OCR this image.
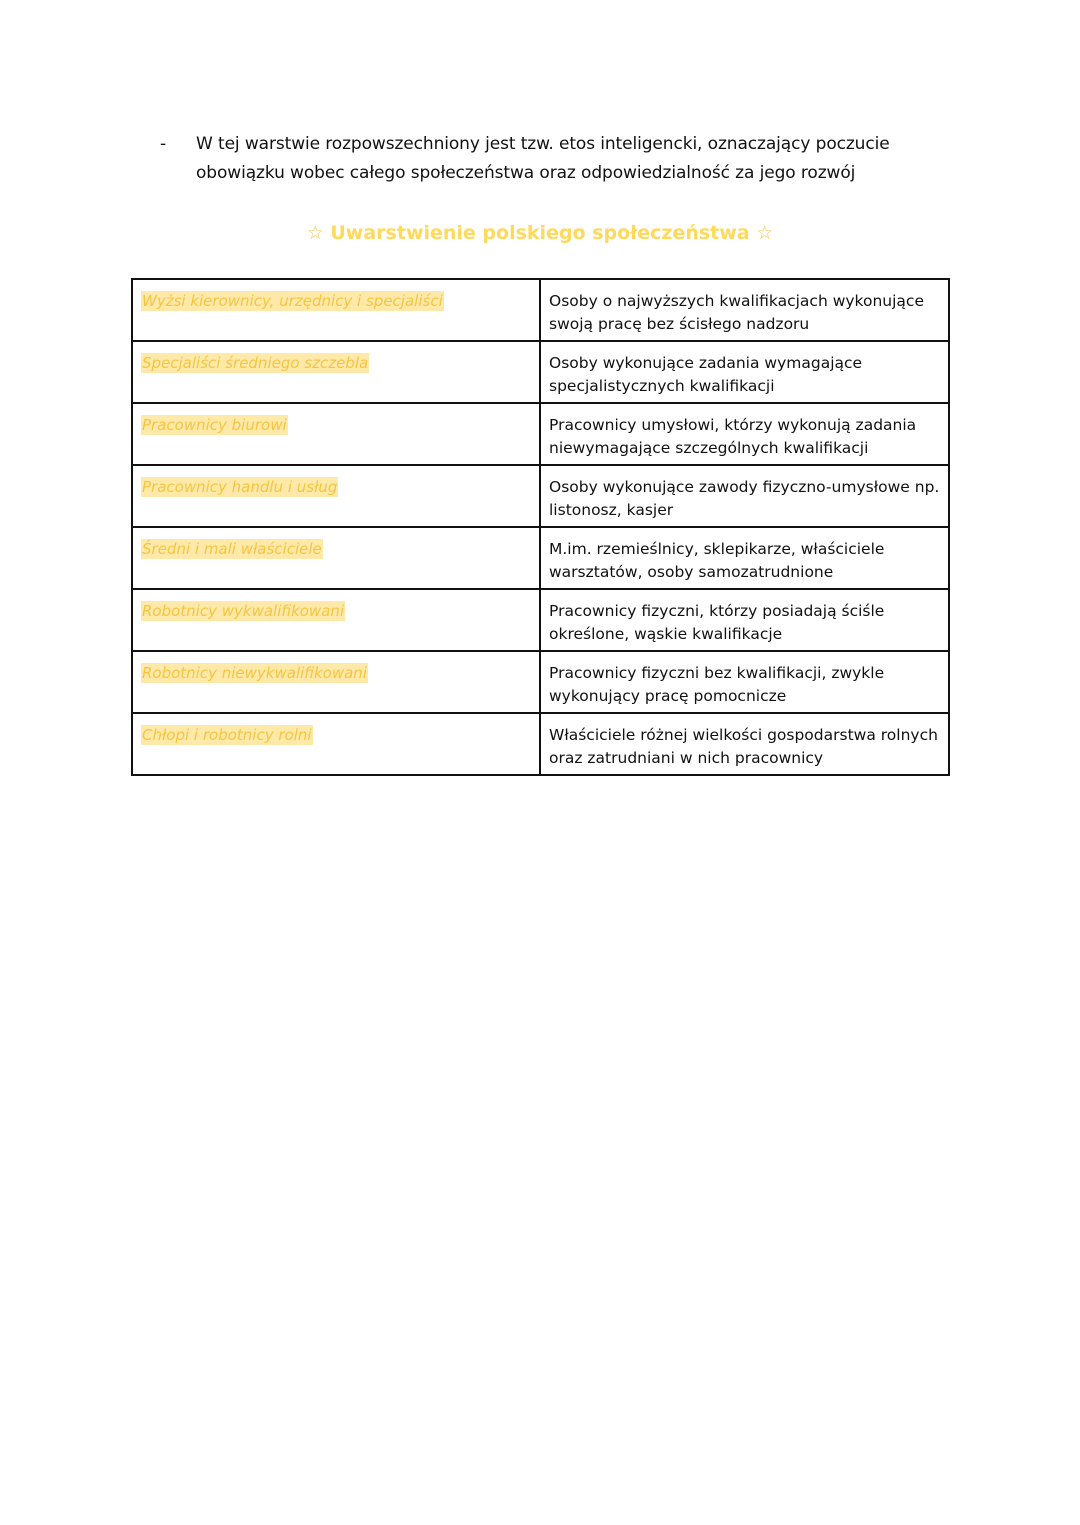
-	W tej warstwie rozpowszechniony jest tzw. etos inteligencki, oznaczający poczucie obowiązku wobec całego społeczeństwa oraz odpowiedzialność za jego rozwój
☆ Uwarstwienie polskiego społeczeństwa ☆
Wyżsi kierownicy, urzędnicy i specjaliści	Osoby o najwyższych kwalifikacjach wykonujące swoją pracę bez ścisłego nadzoru

Specjaliści średniego szczebla	Osoby wykonujące zadania wymagające specjalistycznych kwalifikacji

Pracownicy biurowi	Pracownicy umysłowi, którzy wykonują zadania niewymagające szczególnych kwalifikacji

Pracownicy handlu i usług	Osoby wykonujące zawody fizyczno-umysłowe np. listonosz, kasjer

Średni i mali właściciele	M.im. rzemieślnicy, sklepikarze, właściciele warsztatów, osoby samozatrudnione

Robotnicy wykwalifikowani	Pracownicy fizyczni, którzy posiadają ściśle określone, wąskie kwalifikacje

Robotnicy niewykwalifikowani	Pracownicy fizyczni bez kwalifikacji, zwykle wykonujący pracę pomocnicze

Chłopi i robotnicy rolni	Właściciele różnej wielkości gospodarstwa rolnych oraz zatrudniani w nich pracownicy
